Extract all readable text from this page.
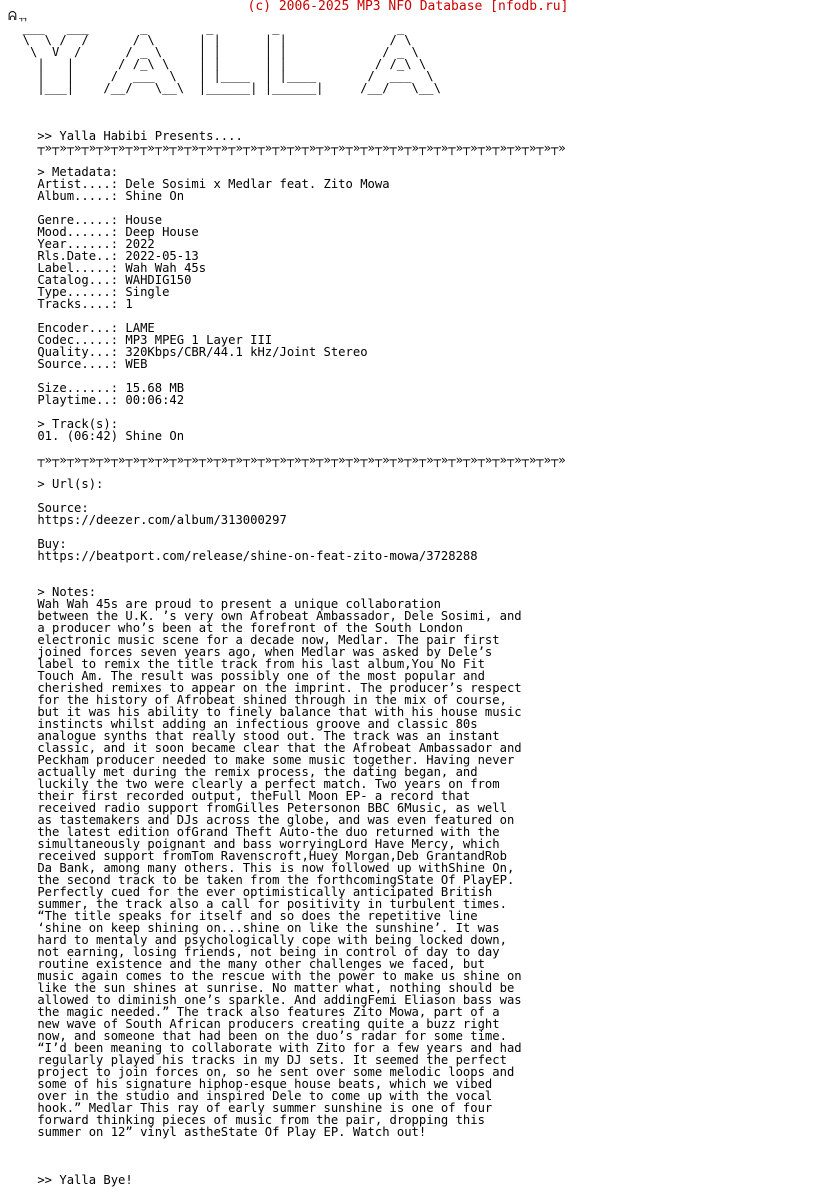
(c) 2006-2025 MP3 NFO Database [nfodb.ru]
ᕱᆩ
___   ___       _        _        _                _
\  \ /  /      / \      | |      | |              / \
\  V  /      / _ \     | |      | |             / _ \
|   |      / /_\ \    | |      | |            / /_\ \
|   |     /  ___  \   | |____  | |____       /  ___  \
|___|    /__/   \__\  |______| |______|     /__/   \__\

>> Yalla Habibi Presents....
┬»┬»┬»┬»┬»┬»┬»┬»┬»┬»┬»┬»┬»┬»┬»┬»┬»┬»┬»┬»┬»┬»┬»┬»┬»┬»┬»┬»┬»┬»┬»┬»┬»┬»┬»┬»

> Metadata:
Artist....: Dele Sosimi x Medlar feat. Zito Mowa
Album.....: Shine On

Genre.....: House
Mood......: Deep House
Year......: 2022
Rls.Date..: 2022-05-13
Label.....: Wah Wah 45s
Catalog...: WAHDIG150
Type......: Single
Tracks....: 1

Encoder...: LAME
Codec.....: MP3 MPEG 1 Layer III
Quality...: 320Kbps/CBR/44.1 kHz/Joint Stereo
Source....: WEB

Size......: 15.68 MB
Playtime..: 00:06:42

> Track(s):
01. (06:42) Shine On

┬»┬»┬»┬»┬»┬»┬»┬»┬»┬»┬»┬»┬»┬»┬»┬»┬»┬»┬»┬»┬»┬»┬»┬»┬»┬»┬»┬»┬»┬»┬»┬»┬»┬»┬»┬»

> Url(s):

Source:
https://deezer.com/album/313000297

Buy:
https://beatport.com/release/shine-on-feat-zito-mowa/3728288

> Notes:
Wah Wah 45s are proud to present a unique collaboration
between the U.K. ’s very own Afrobeat Ambassador, Dele Sosimi, and
a producer who’s been at the forefront of the South London
electronic music scene for a decade now, Medlar. The pair first
joined forces seven years ago, when Medlar was asked by Dele’s
label to remix the title track from his last album,You No Fit
Touch Am. The result was possibly one of the most popular and
cherished remixes to appear on the imprint. The producer’s respect
for the history of Afrobeat shined through in the mix of course,
but it was his ability to finely balance that with his house music
instincts whilst adding an infectious groove and classic 80s
analogue synths that really stood out. The track was an instant
classic, and it soon became clear that the Afrobeat Ambassador and
Peckham producer needed to make some music together. Having never
actually met during the remix process, the dating began, and
luckily the two were clearly a perfect match. Two years on from
their first recorded output, theFull Moon EP- a record that
received radio support fromGilles Petersonon BBC 6Music, as well
as tastemakers and DJs across the globe, and was even featured on
the latest edition ofGrand Theft Auto-the duo returned with the
simultaneously poignant and bass worryingLord Have Mercy, which
received support fromTom Ravenscroft,Huey Morgan,Deb GrantandRob
Da Bank, among many others. This is now followed up withShine On,
the second track to be taken from the forthcomingState Of PlayEP.
Perfectly cued for the ever optimistically anticipated British
summer, the track also a call for positivity in turbulent times.
“The title speaks for itself and so does the repetitive line
‘shine on keep shining on...shine on like the sunshine’. It was
hard to mentaly and psychologically cope with being locked down,
not earning, losing friends, not being in control of day to day
routine existence and the many other challenges we faced, but
music again comes to the rescue with the power to make us shine on
like the sun shines at sunrise. No matter what, nothing should be
allowed to diminish one’s sparkle. And addingFemi Eliason bass was
the magic needed.” The track also features Zito Mowa, part of a
new wave of South African producers creating quite a buzz right
now, and someone that had been on the duo’s radar for some time.
“I’d been meaning to collaborate with Zito for a few years and had
regularly played his tracks in my DJ sets. It seemed the perfect
project to join forces on, so he sent over some melodic loops and
some of his signature hiphop-esque house beats, which we vibed
over in the studio and inspired Dele to come up with the vocal
hook.” Medlar This ray of early summer sunshine is one of four
forward thinking pieces of music from the pair, dropping this
summer on 12” vinyl astheState Of Play EP. Watch out!

>> Yalla Bye!
